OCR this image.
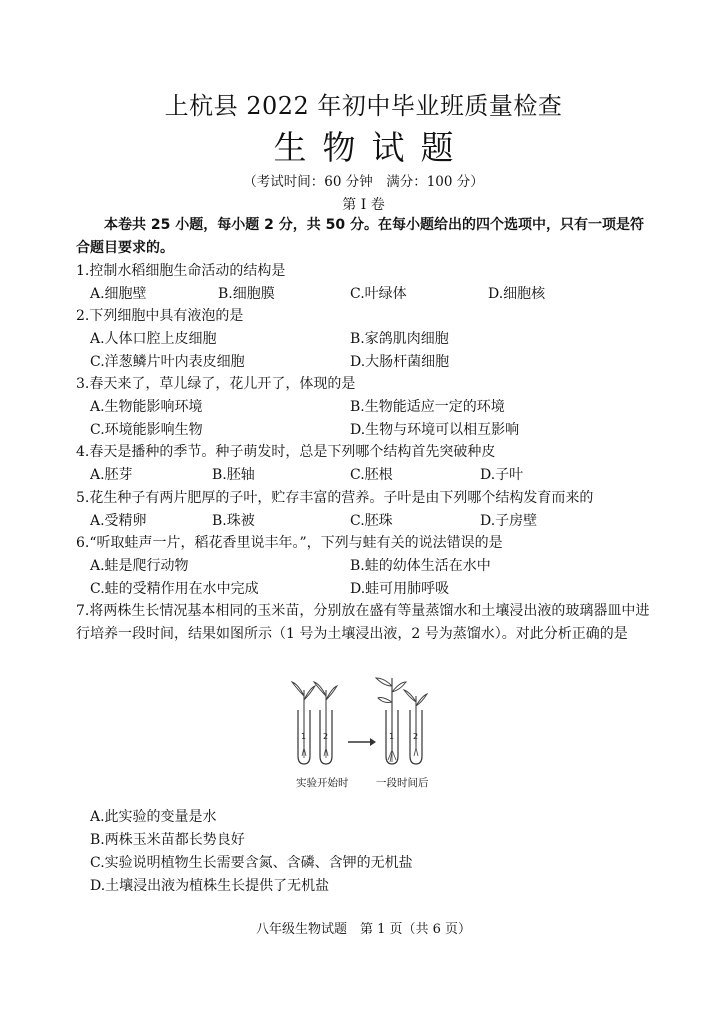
上杭县 2022 年初中毕业班质量检查
生物试题
（考试时间：60 分钟　满分：100 分）
第 I 卷
本卷共 25 小题，每小题 2 分，共 50 分。在每小题给出的四个选项中，只有一项是符合题目要求的。
1.控制水稻细胞生命活动的结构是
A.细胞壁	B.细胞膜	C.叶绿体	D.细胞核
2.下列细胞中具有液泡的是
A.人体口腔上皮细胞	B.家鸽肌肉细胞
C.洋葱鳞片叶内表皮细胞	D.大肠杆菌细胞
3.春天来了，草儿绿了，花儿开了，体现的是
A.生物能影响环境	B.生物能适应一定的环境
C.环境能影响生物	D.生物与环境可以相互影响
4.春天是播种的季节。种子萌发时，总是下列哪个结构首先突破种皮
A.胚芽	B.胚轴	C.胚根	D.子叶
5.花生种子有两片肥厚的子叶，贮存丰富的营养。子叶是由下列哪个结构发育而来的
A.受精卵	B.珠被	C.胚珠	D.子房壁
6.“听取蛙声一片，稻花香里说丰年。”，下列与蛙有关的说法错误的是
A.蛙是爬行动物	B.蛙的幼体生活在水中
C.蛙的受精作用在水中完成	D.蛙可用肺呼吸
7.将两株生长情况基本相同的玉米苗，分别放在盛有等量蒸馏水和土壤浸出液的玻璃器皿中进行培养一段时间，结果如图所示（1 号为土壤浸出液，2 号为蒸馏水）。对此分析正确的是
1 2	1 2
实验开始时	一段时间后
A.此实验的变量是水
B.两株玉米苗都长势良好
C.实验说明植物生长需要含氮、含磷、含钾的无机盐
D.土壤浸出液为植株生长提供了无机盐
八年级生物试题　第 1 页（共 6 页）
